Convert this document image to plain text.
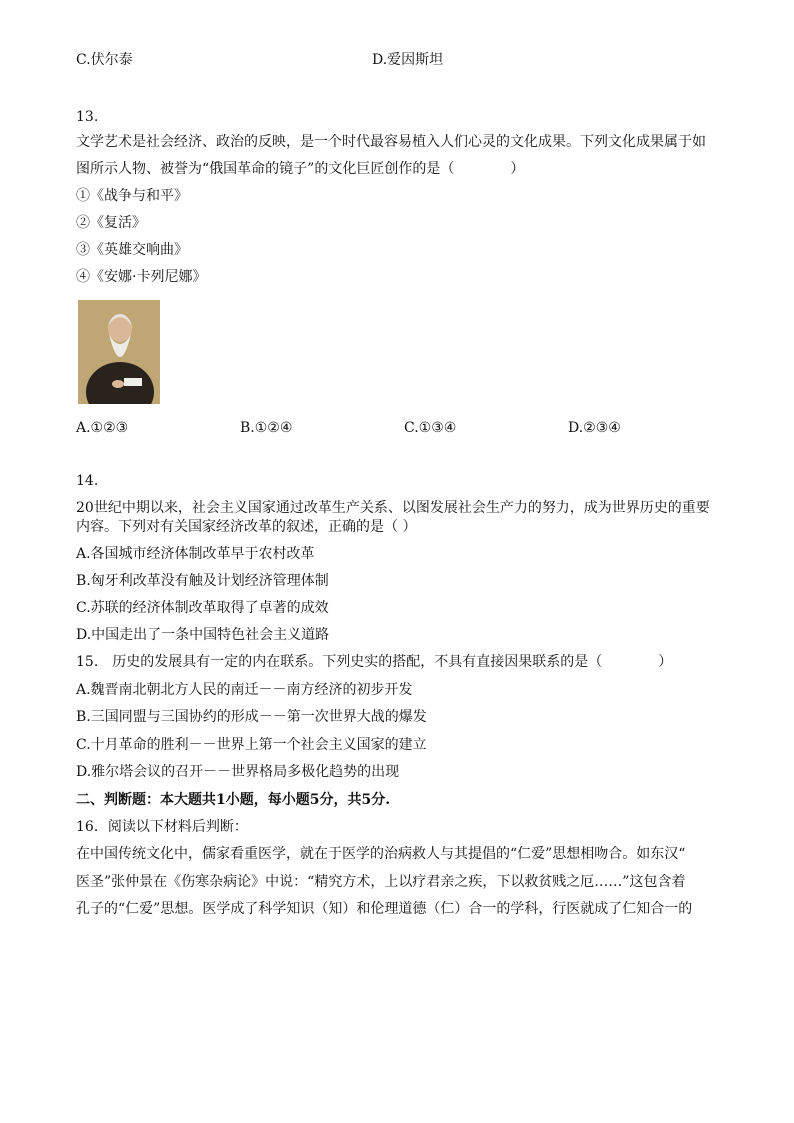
C.伏尔泰	D.爱因斯坦
13.
文学艺术是社会经济、政治的反映，是一个时代最容易植入人们心灵的文化成果。下列文化成果属于如
图所示人物、被誉为“俄国革命的镜子”的文化巨匠创作的是（　　　　）
①《战争与和平》
②《复活》
③《英雄交响曲》
④《安娜·卡列尼娜》
A.①②③	B.①②④	C.①③④	D.②③④
14.
20世纪中期以来，社会主义国家通过改革生产关系、以图发展社会生产力的努力，成为世界历史的重要
内容。下列对有关国家经济改革的叙述，正确的是（ ）
A.各国城市经济体制改革早于农村改革
B.匈牙利改革没有触及计划经济管理体制
C.苏联的经济体制改革取得了卓著的成效
D.中国走出了一条中国特色社会主义道路
15.　历史的发展具有一定的内在联系。下列史实的搭配，不具有直接因果联系的是（　　　　）
A.魏晋南北朝北方人民的南迁－－南方经济的初步开发
B.三国同盟与三国协约的形成－－第一次世界大战的爆发
C.十月革命的胜利－－世界上第一个社会主义国家的建立
D.雅尔塔会议的召开－－世界格局多极化趋势的出现
二、判断题：本大题共1小题，每小题5分，共5分.
16．阅读以下材料后判断：
在中国传统文化中，儒家看重医学，就在于医学的治病救人与其提倡的“仁爱”思想相吻合。如东汉“
医圣”张仲景在《伤寒杂病论》中说：“精究方术，上以疗君亲之疾，下以救贫贱之厄……”这包含着
孔子的“仁爱”思想。医学成了科学知识（知）和伦理道德（仁）合一的学科，行医就成了仁知合一的
